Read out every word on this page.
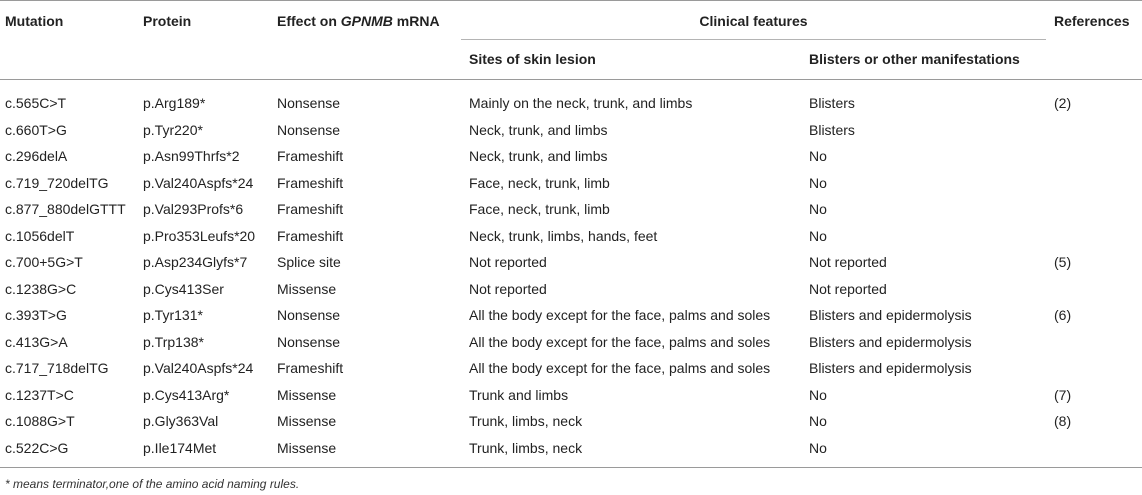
Mutation	Protein	Effect on GPNMB mRNA	Clinical features	References
Sites of skin lesion	Blisters or other manifestations
c.565C>T	p.Arg189*	Nonsense	Mainly on the neck, trunk, and limbs	Blisters	(2)
c.660T>G	p.Tyr220*	Nonsense	Neck, trunk, and limbs	Blisters
c.296delA	p.Asn99Thrfs*2	Frameshift	Neck, trunk, and limbs	No
c.719_720delTG p.Val240Aspfs*24 Frameshift	Face, neck, trunk, limb	No
c.877_880delGTTT p.Val293Profs*6 Frameshift	Face, neck, trunk, limb	No
c.1056delT	p.Pro353Leufs*20 Frameshift	Neck, trunk, limbs, hands, feet	No
c.700+5G>T	p.Asp234Glyfs*7 Splice site	Not reported	Not reported	(5)
c.1238G>C	p.Cys413Ser	Missense	Not reported	Not reported
c.393T>G	p.Tyr131*	Nonsense	All the body except for the face, palms and soles	Blisters and epidermolysis	(6)
c.413G>A	p.Trp138*	Nonsense	All the body except for the face, palms and soles	Blisters and epidermolysis
c.717_718delTG p.Val240Aspfs*24 Frameshift	All the body except for the face, palms and soles	Blisters and epidermolysis
c.1237T>C	p.Cys413Arg*	Missense	Trunk and limbs	No	(7)
c.1088G>T	p.Gly363Val	Missense	Trunk, limbs, neck	No	(8)
c.522C>G	p.Ile174Met	Missense	Trunk, limbs, neck	No
* means terminator,one of the amino acid naming rules.
